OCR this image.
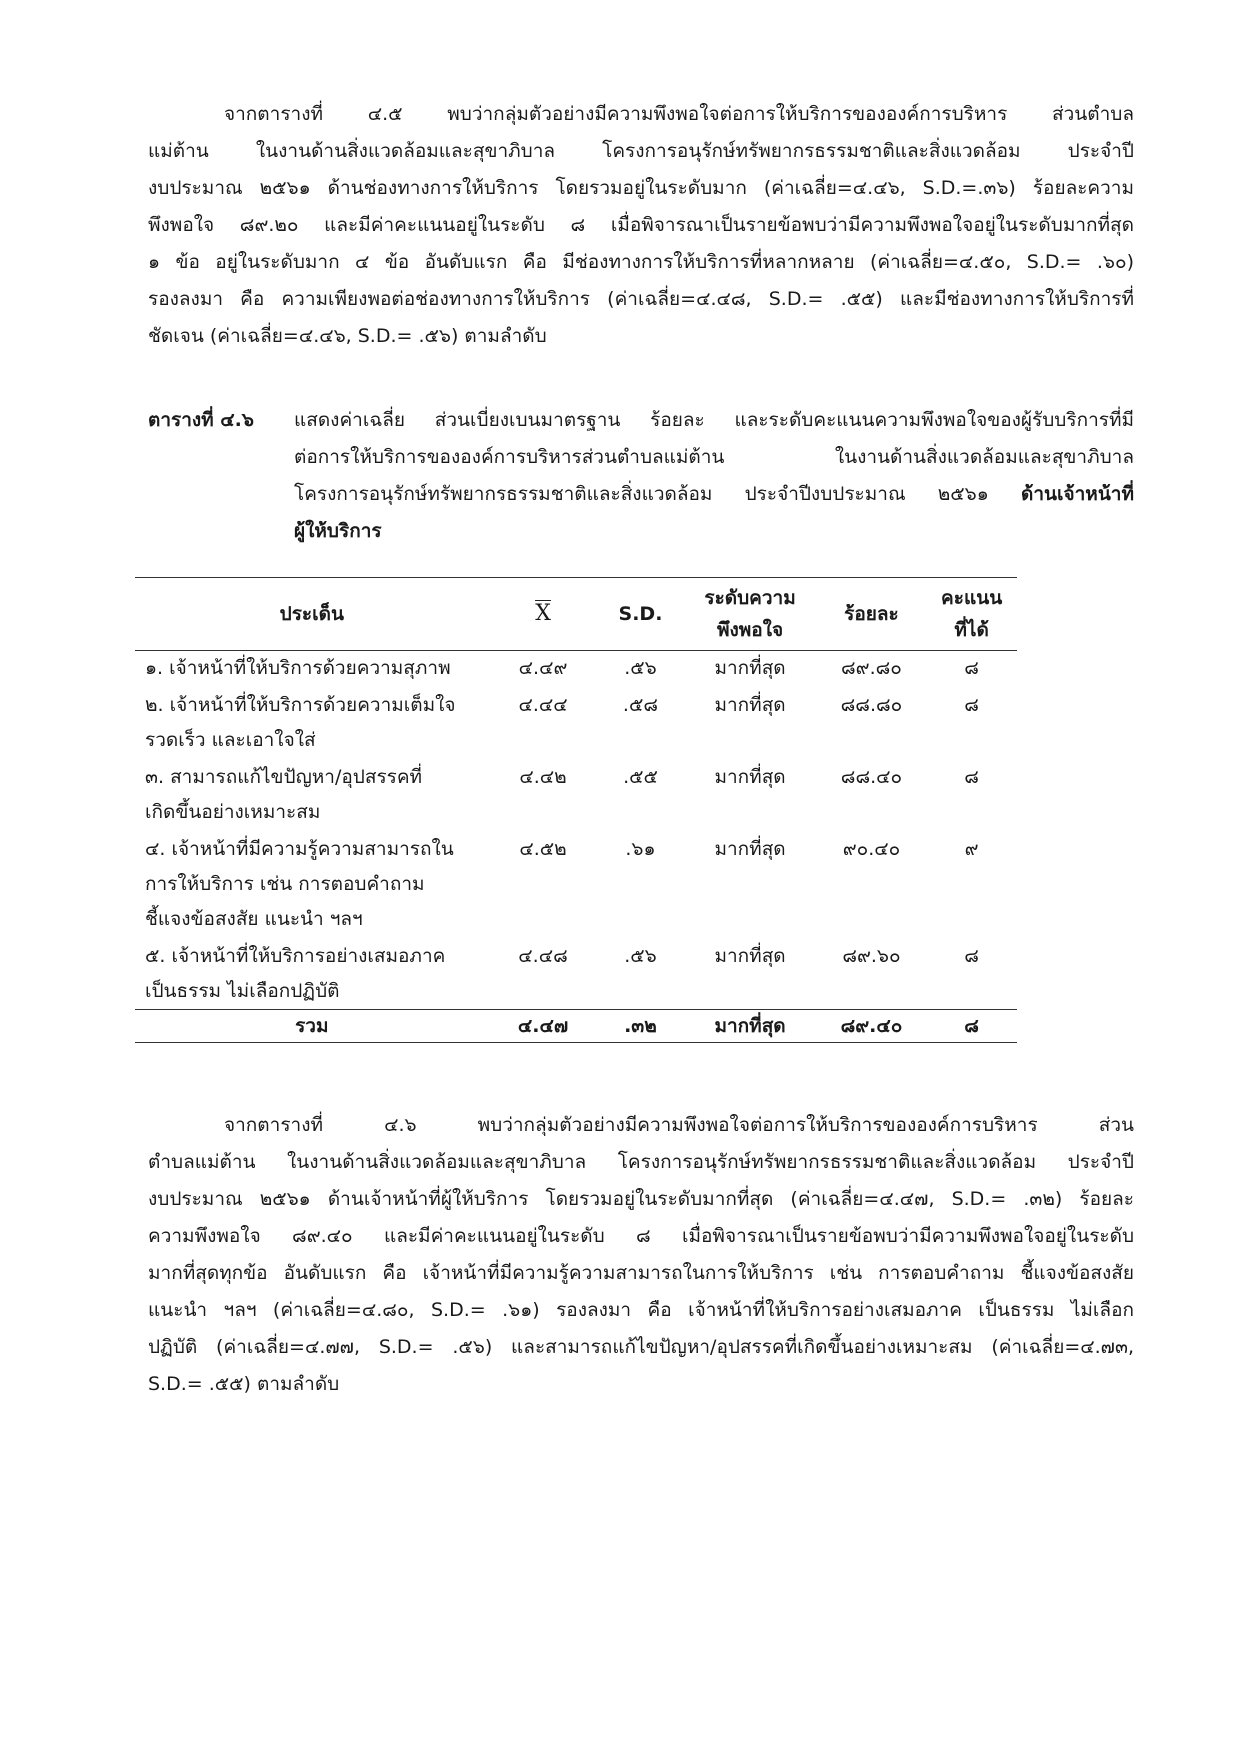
จากตารางที่ ๔.๕ พบว่ากลุ่มตัวอย่างมีความพึงพอใจต่อการให้บริการขององค์การบริหาร ส่วนตำบล
แม่ต้าน ในงานด้านสิ่งแวดล้อมและสุขาภิบาล โครงการอนุรักษ์ทรัพยากรธรรมชาติและสิ่งแวดล้อม ประจำปี
งบประมาณ ๒๕๖๑ ด้านช่องทางการให้บริการ โดยรวมอยู่ในระดับมาก (ค่าเฉลี่ย=๔.๔๖, S.D.=.๓๖) ร้อยละความ
พึงพอใจ ๘๙.๒๐ และมีค่าคะแนนอยู่ในระดับ ๘ เมื่อพิจารณาเป็นรายข้อพบว่ามีความพึงพอใจอยู่ในระดับมากที่สุด
๑ ข้อ อยู่ในระดับมาก ๔ ข้อ อันดับแรก คือ มีช่องทางการให้บริการที่หลากหลาย (ค่าเฉลี่ย=๔.๕๐, S.D.= .๖๐)
รองลงมา คือ ความเพียงพอต่อช่องทางการให้บริการ (ค่าเฉลี่ย=๔.๔๘, S.D.= .๕๕) และมีช่องทางการให้บริการที่
ชัดเจน (ค่าเฉลี่ย=๔.๔๖, S.D.= .๕๖) ตามลำดับ

ตารางที่ ๔.๖	แสดงค่าเฉลี่ย ส่วนเบี่ยงเบนมาตรฐาน ร้อยละ และระดับคะแนนความพึงพอใจของผู้รับบริการที่มี
ต่อการให้บริการขององค์การบริหารส่วนตำบลแม่ต้าน ในงานด้านสิ่งแวดล้อมและสุขาภิบาล
โครงการอนุรักษ์ทรัพยากรธรรมชาติและสิ่งแวดล้อม ประจำปีงบประมาณ ๒๕๖๑ ด้านเจ้าหน้าที่
ผู้ให้บริการ
ประเด็น	X	S.D.	ระดับความ
พึงพอใจ	ร้อยละ	คะแนน
ที่ได้

๑. เจ้าหน้าที่ให้บริการด้วยความสุภาพ	๔.๔๙	.๕๖	มากที่สุด	๘๙.๘๐	๘

๒. เจ้าหน้าที่ให้บริการด้วยความเต็มใจ
รวดเร็ว และเอาใจใส่	๔.๔๔	.๕๘	มากที่สุด	๘๘.๘๐	๘

๓. สามารถแก้ไขปัญหา/อุปสรรคที่
เกิดขึ้นอย่างเหมาะสม	๔.๔๒	.๕๕	มากที่สุด	๘๘.๔๐	๘

๔. เจ้าหน้าที่มีความรู้ความสามารถใน
การให้บริการ เช่น การตอบคำถาม
ชี้แจงข้อสงสัย แนะนำ ฯลฯ	๔.๕๒	.๖๑	มากที่สุด	๙๐.๔๐	๙

๕. เจ้าหน้าที่ให้บริการอย่างเสมอภาค
เป็นธรรม ไม่เลือกปฏิบัติ	๔.๔๘	.๕๖	มากที่สุด	๘๙.๖๐	๘
รวม	๔.๔๗	.๓๒	มากที่สุด	๘๙.๔๐	๘

จากตารางที่ ๔.๖ พบว่ากลุ่มตัวอย่างมีความพึงพอใจต่อการให้บริการขององค์การบริหาร ส่วน
ตำบลแม่ต้าน ในงานด้านสิ่งแวดล้อมและสุขาภิบาล โครงการอนุรักษ์ทรัพยากรธรรมชาติและสิ่งแวดล้อม ประจำปี
งบประมาณ ๒๕๖๑ ด้านเจ้าหน้าที่ผู้ให้บริการ โดยรวมอยู่ในระดับมากที่สุด (ค่าเฉลี่ย=๔.๔๗, S.D.= .๓๒) ร้อยละ
ความพึงพอใจ ๘๙.๔๐ และมีค่าคะแนนอยู่ในระดับ ๘ เมื่อพิจารณาเป็นรายข้อพบว่ามีความพึงพอใจอยู่ในระดับ
มากที่สุดทุกข้อ อันดับแรก คือ เจ้าหน้าที่มีความรู้ความสามารถในการให้บริการ เช่น การตอบคำถาม ชี้แจงข้อสงสัย
แนะนำ ฯลฯ (ค่าเฉลี่ย=๔.๘๐, S.D.= .๖๑) รองลงมา คือ เจ้าหน้าที่ให้บริการอย่างเสมอภาค เป็นธรรม ไม่เลือก
ปฏิบัติ (ค่าเฉลี่ย=๔.๗๗, S.D.= .๕๖) และสามารถแก้ไขปัญหา/อุปสรรคที่เกิดขึ้นอย่างเหมาะสม (ค่าเฉลี่ย=๔.๗๓,
S.D.= .๕๕) ตามลำดับ
